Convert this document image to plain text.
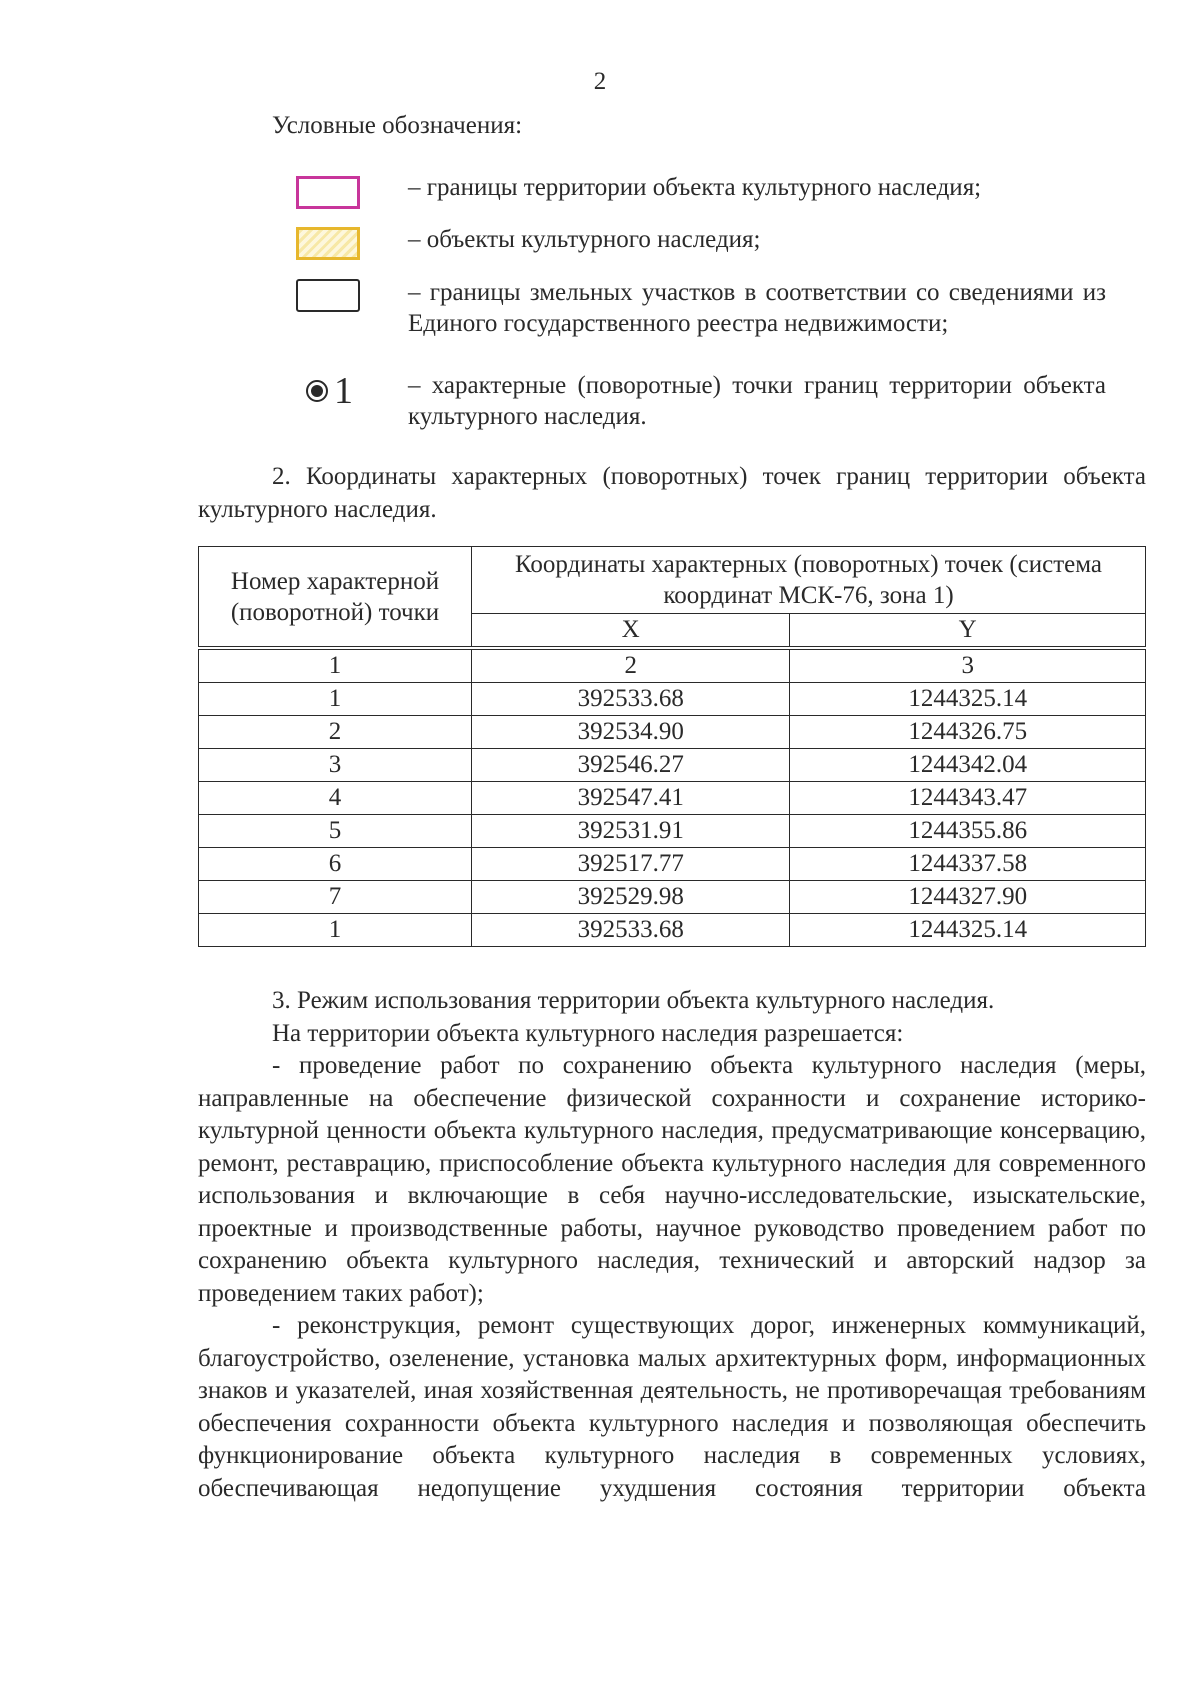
2
Условные обозначения:
– границы территории объекта культурного наследия;
– объекты культурного наследия;
– границы змельных участков в соответствии со сведениями из Единого государственного реестра недвижимости;
1 – характерные (поворотные) точки границ территории объекта культурного наследия.
2. Координаты характерных (поворотных) точек границ территории объекта культурного наследия.
Номер характерной (поворотной) точки	Координаты характерных (поворотных) точек (система координат МСК-76, зона 1)	
	X	Y
1	2	3
1	392533.68	1244325.14
2	392534.90	1244326.75
3	392546.27	1244342.04
4	392547.41	1244343.47
5	392531.91	1244355.86
6	392517.77	1244337.58
7	392529.98	1244327.90
1	392533.68	1244325.14

3. Режим использования территории объекта культурного наследия.

На территории объекта культурного наследия разрешается:

- проведение работ по сохранению объекта культурного наследия (меры, направленные на обеспечение физической сохранности и сохранение историко-культурной ценности объекта культурного наследия, предусматривающие консервацию, ремонт, реставрацию, приспособление объекта культурного наследия для современного использования и включающие в себя научно-исследовательские, изыскательские, проектные и производственные работы, научное руководство проведением работ по сохранению объекта культурного наследия, технический и авторский надзор за проведением таких работ);

- реконструкция, ремонт существующих дорог, инженерных коммуникаций, благоустройство, озеленение, установка малых архитектурных форм, информационных знаков и указателей, иная хозяйственная деятельность, не противоречащая требованиям обеспечения сохранности объекта культурного наследия и позволяющая обеспечить функционирование объекта культурного наследия в современных условиях, обеспечивающая недопущение ухудшения состояния территории объекта
